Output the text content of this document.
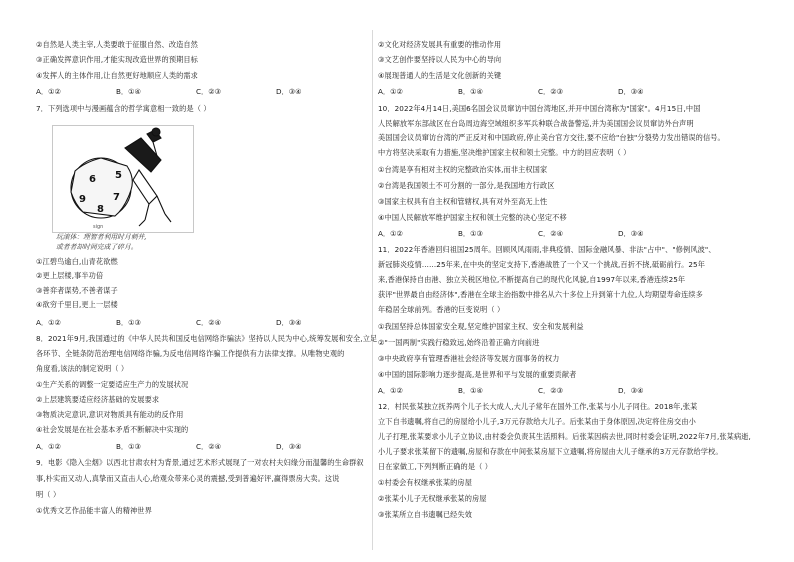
②自然是人类主宰,人类要敢于征服自然、改造自然
③正确发挥意识作用,才能实现改造世界的预期目标
④发挥人的主体作用,让自然更好地顺应人类的需求
A．①②	B．①④	C．②③	D．③④
7．下列选项中与漫画蕴含的哲学寓意相一致的是（ ）
6
9
8
7
5
sign
玩滚体：理智者利用时月刺井,
或者者却时间完成了碎月。
①江碧鸟逾白,山青花欲燃
②更上层楼,事半功倍
③善弈者谋势,不善者谋子
④欲穷千里目,更上一层楼
A．①②	B．①③	C．②④	D．③④
8．2021年9月,我国通过的《中华人民共和国反电信网络诈骗法》坚持以人民为中心,统筹发展和安全,立足
各环节、全链条防范治理电信网络诈骗,为反电信网络诈骗工作提供有力法律支撑。从唯物史观的
角度看,该法的制定说明（ ）
①生产关系的调整一定要适应生产力的发展状况
②上层建筑要适应经济基础的发展要求
③物质决定意识,意识对物质具有能动的反作用
④社会发展是在社会基本矛盾不断解决中实现的
A．①②	B．①③	C．②④	D．③④
9．电影《隐入尘烟》以西北甘肃农村为背景,通过艺术形式展现了一对农村夫妇缘分而温馨的生命群叙
事,朴实而又动人,真挚而又直击人心,给观众带来心灵的震撼,受到普遍好评,赢得票房大卖。这说
明（ ）
①优秀文艺作品能丰富人的精神世界
②文化对经济发展具有重要的推动作用
③文艺创作要坚持以人民为中心的导向
④展现普通人的生活是文化创新的关键
A．①②	B．①④	C．②③	D．③④
10．2022年4月14日,美国6名国会议员窜访中国台湾地区,并开中国台湾称为"国家"。4月15日,中国
人民解放军东部战区在台岛周边海空域组织多军兵种联合战备警巡,并为美国国会议员窜访外台声明
美国国会议员窜访台湾的严正反对和中国政府,停止美台官方交往,要不应给"台独"分裂势力发出错误的信号。
中方将坚决采取有力措施,坚决维护国家主权和领土完整。中方的回应表明（ ）
①台湾是享有相对主权的完整政治实体,而非主权国家
②台湾是我国领土不可分割的一部分,是我国地方行政区
③国家主权具有自主权和管辖权,具有对外至高无上性
④中国人民解放军维护国家主权和领土完整的决心坚定不移
A．①②	B．①③	C．②④	D．③④
11．2022年香港回归祖国25周年。回顾风风雨雨,非典疫情、国际金融风暴、非法"占中"、"修例风波"、
新冠肺炎疫情……25年来,在中央的坚定支持下,香港战胜了一个又一个挑战,百折不挠,砥砺前行。25年
来,香港保持自由港、独立关税区地位,不断提高自己的现代化风貌,自1997年以来,香港连续25年
获评"世界最自由经济体",香港在全球主治指数中排名从六十多位上升到第十九位,人均期望寿命连续多
年稳居全球前列。香港的巨变说明（ ）
①我国坚持总体国家安全观,坚定维护国家主权、安全和发展利益
②"一国两制"实践行稳致远,始终沿着正确方向前进
③中央政府享有管理香港社会经济等发展方面事务的权力
④中国的国际影响力逐步提高,是世界和平与发展的重要贡献者
A．①②	B．①④	C．②③	D．③④
12．村民张某独立抚养两个儿子长大成人,大儿子常年在国外工作,张某与小儿子同住。2018年,张某
立下自书遗嘱,将自己的房屋给小儿子,3万元存款给大儿子。后张某由于身体原因,决定将住房交由小
儿子打理,张某要求小儿子立协议,由村委会负责其生活照料。后张某因病去世,同时村委会证明,2022年7月,张某病逝,
小儿子要求张某留下的遗嘱,房屋和存款在中间张某房屋下立遗嘱,将房屋由大儿子继承的3万元存款给学校。
日在家做工,下列判断正确的是（ ）
①村委会有权继承张某的房屋
②张某小儿子无权继承张某的房屋
③张某所立自书遗嘱已经失效
